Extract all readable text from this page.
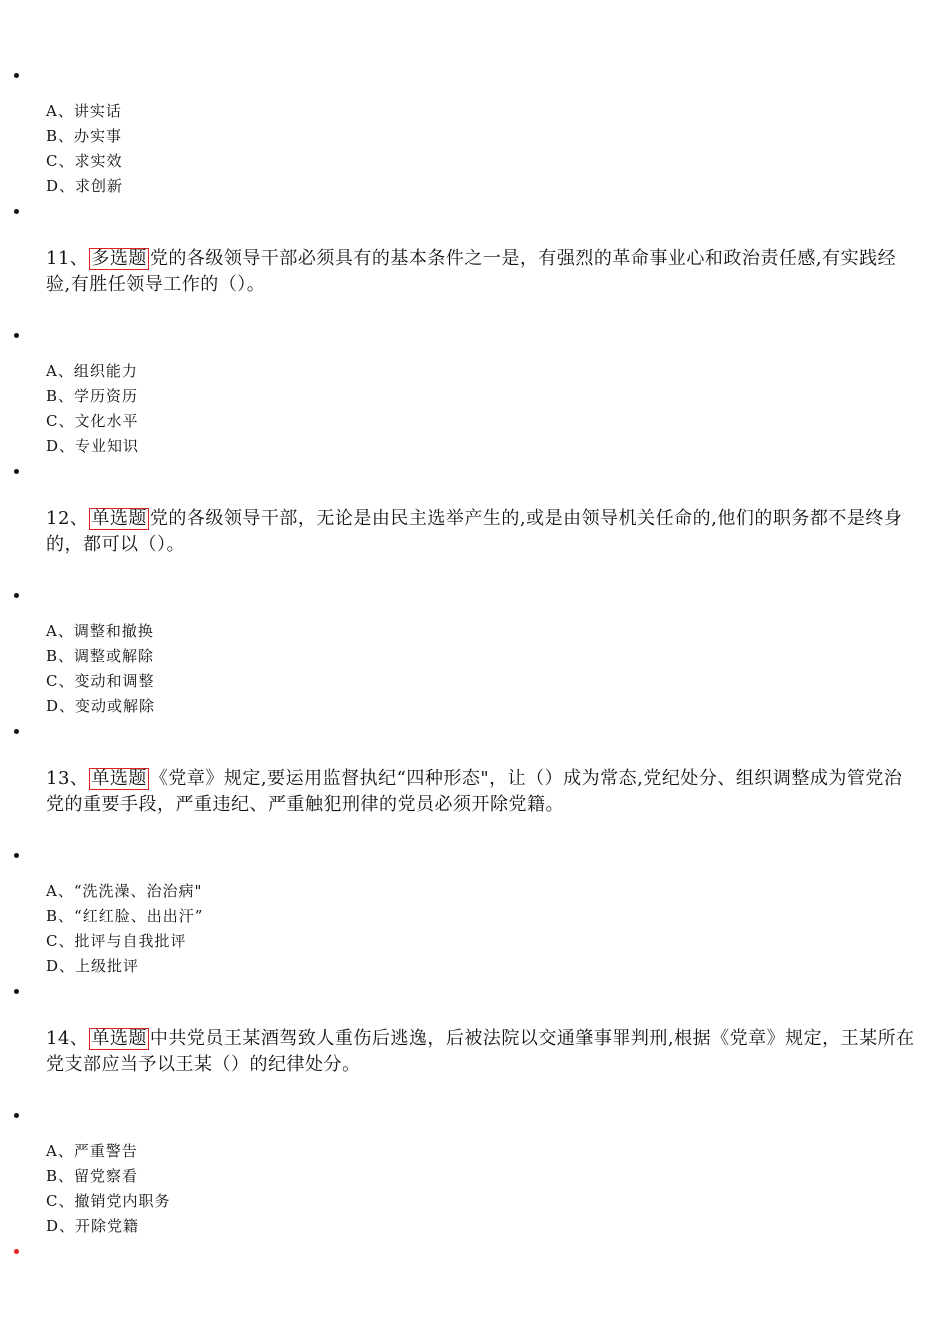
A、讲实话
B、办实事
C、求实效
D、求创新
11、 多选题 党的各级领导干部必须具有的基本条件之一是，有强烈的革命事业心和政治责任感,有实践经验,有胜任领导工作的（）。
A、组织能力
B、学历资历
C、文化水平
D、专业知识
12、 单选题 党的各级领导干部，无论是由民主选举产生的,或是由领导机关任命的,他们的职务都不是终身的，都可以（）。
A、调整和撤换
B、调整或解除
C、变动和调整
D、变动或解除
13、 单选题 《党章》规定,要运用监督执纪“四种形态"，让（）成为常态,党纪处分、组织调整成为管党治党的重要手段，严重违纪、严重触犯刑律的党员必须开除党籍。
A、“洗洗澡、治治病"
B、“红红脸、出出汗”
C、批评与自我批评
D、上级批评
14、 单选题 中共党员王某酒驾致人重伤后逃逸，后被法院以交通肇事罪判刑,根据《党章》规定，王某所在党支部应当予以王某（）的纪律处分。
A、严重警告
B、留党察看
C、撤销党内职务
D、开除党籍
